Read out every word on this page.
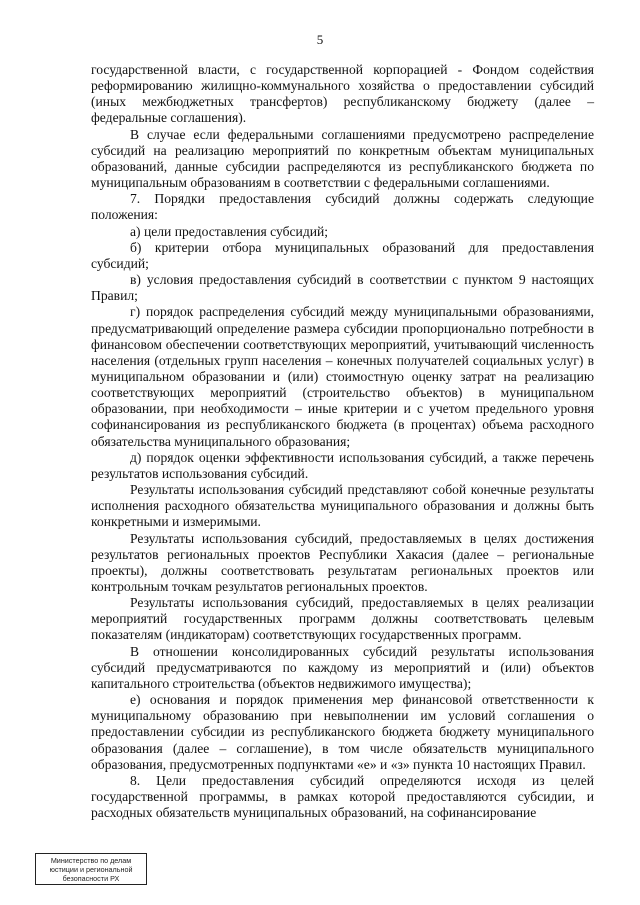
5

государственной власти, с государственной корпорацией - Фондом содействия реформированию жилищно-коммунального хозяйства о предоставлении субсидий (иных межбюджетных трансфертов) республиканскому бюджету (далее – федеральные соглашения).

В случае если федеральными соглашениями предусмотрено распределение субсидий на реализацию мероприятий по конкретным объектам муниципальных образований, данные субсидии распределяются из республиканского бюджета по муниципальным образованиям в соответствии с федеральными соглашениями.

7. Порядки предоставления субсидий должны содержать следующие положения:

а) цели предоставления субсидий;

б) критерии отбора муниципальных образований для предоставления субсидий;

в) условия предоставления субсидий в соответствии с пунктом 9 настоящих Правил;

г) порядок распределения субсидий между муниципальными образованиями, предусматривающий определение размера субсидии пропорционально потребности в финансовом обеспечении соответствующих мероприятий, учитывающий численность населения (отдельных групп населения – конечных получателей социальных услуг) в муниципальном образовании и (или) стоимостную оценку затрат на реализацию соответствующих мероприятий (строительство объектов) в муниципальном образовании, при необходимости – иные критерии и с учетом предельного уровня софинансирования из республиканского бюджета (в процентах) объема расходного обязательства муниципального образования;

д) порядок оценки эффективности использования субсидий, а также перечень результатов использования субсидий.

Результаты использования субсидий представляют собой конечные результаты исполнения расходного обязательства муниципального образования и должны быть конкретными и измеримыми.

Результаты использования субсидий, предоставляемых в целях достижения результатов региональных проектов Республики Хакасия (далее – региональные проекты), должны соответствовать результатам региональных проектов или контрольным точкам результатов региональных проектов.

Результаты использования субсидий, предоставляемых в целях реализации мероприятий государственных программ должны соответствовать целевым показателям (индикаторам) соответствующих государственных программ.

В отношении консолидированных субсидий результаты использования субсидий предусматриваются по каждому из мероприятий и (или) объектов капитального строительства (объектов недвижимого имущества);

е) основания и порядок применения мер финансовой ответственности к муниципальному образованию при невыполнении им условий соглашения о предоставлении субсидии из республиканского бюджета бюджету муниципального образования (далее – соглашение), в том числе обязательств муниципального образования, предусмотренных подпунктами «е» и «з» пункта 10 настоящих Правил.

8. Цели предоставления субсидий определяются исходя из целей государственной программы, в рамках которой предоставляются субсидии, и расходных обязательств муниципальных образований, на софинансирование

Министерство по делам
юстиции и региональной
безопасности РХ
